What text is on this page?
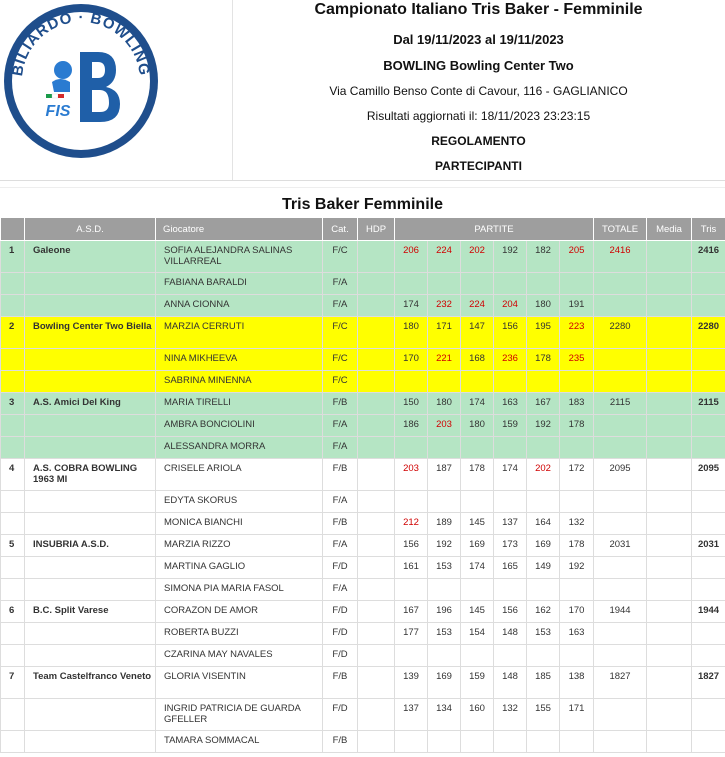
BILIARDO · BOWLING
FIS
Campionato Italiano Tris Baker - Femminile
Dal 19/11/2023 al 19/11/2023
BOWLING Bowling Center Two
Via Camillo Benso Conte di Cavour, 116 - GAGLIANICO
Risultati aggiornati il: 18/11/2023 23:23:15
REGOLAMENTO
PARTECIPANTI
Tris Baker Femminile
	A.S.D.	Giocatore	Cat.	HDP	PARTITE						TOTALE	Media	Tris
1	Galeone	SOFIA ALEJANDRA SALINAS VILLARREAL	F/C		206	224	202	192	182	205	2416		2416
		FABIANA BARALDI	F/A										
		ANNA CIONNA	F/A		174	232	224	204	180	191			
2	Bowling Center Two Biella	MARZIA CERRUTI	F/C		180	171	147	156	195	223	2280		2280
		NINA MIKHEEVA	F/C		170	221	168	236	178	235			
		SABRINA MINENNA	F/C										
3	A.S. Amici Del King	MARIA TIRELLI	F/B		150	180	174	163	167	183	2115		2115
		AMBRA BONCIOLINI	F/A		186	203	180	159	192	178			
		ALESSANDRA MORRA	F/A										
4	A.S. COBRA BOWLING 1963 MI	CRISELE ARIOLA	F/B		203	187	178	174	202	172	2095		2095
		EDYTA SKORUS	F/A										
		MONICA BIANCHI	F/B		212	189	145	137	164	132			
5	INSUBRIA A.S.D.	MARZIA RIZZO	F/A		156	192	169	173	169	178	2031		2031
		MARTINA GAGLIO	F/D		161	153	174	165	149	192			
		SIMONA PIA MARIA FASOL	F/A										
6	B.C. Split Varese	CORAZON DE AMOR	F/D		167	196	145	156	162	170	1944		1944
		ROBERTA BUZZI	F/D		177	153	154	148	153	163			
		CZARINA MAY NAVALES	F/D										
7	Team Castelfranco Veneto	GLORIA VISENTIN	F/B		139	169	159	148	185	138	1827		1827
		INGRID PATRICIA DE GUARDA GFELLER	F/D		137	134	160	132	155	171			
		TAMARA SOMMACAL	F/B										
